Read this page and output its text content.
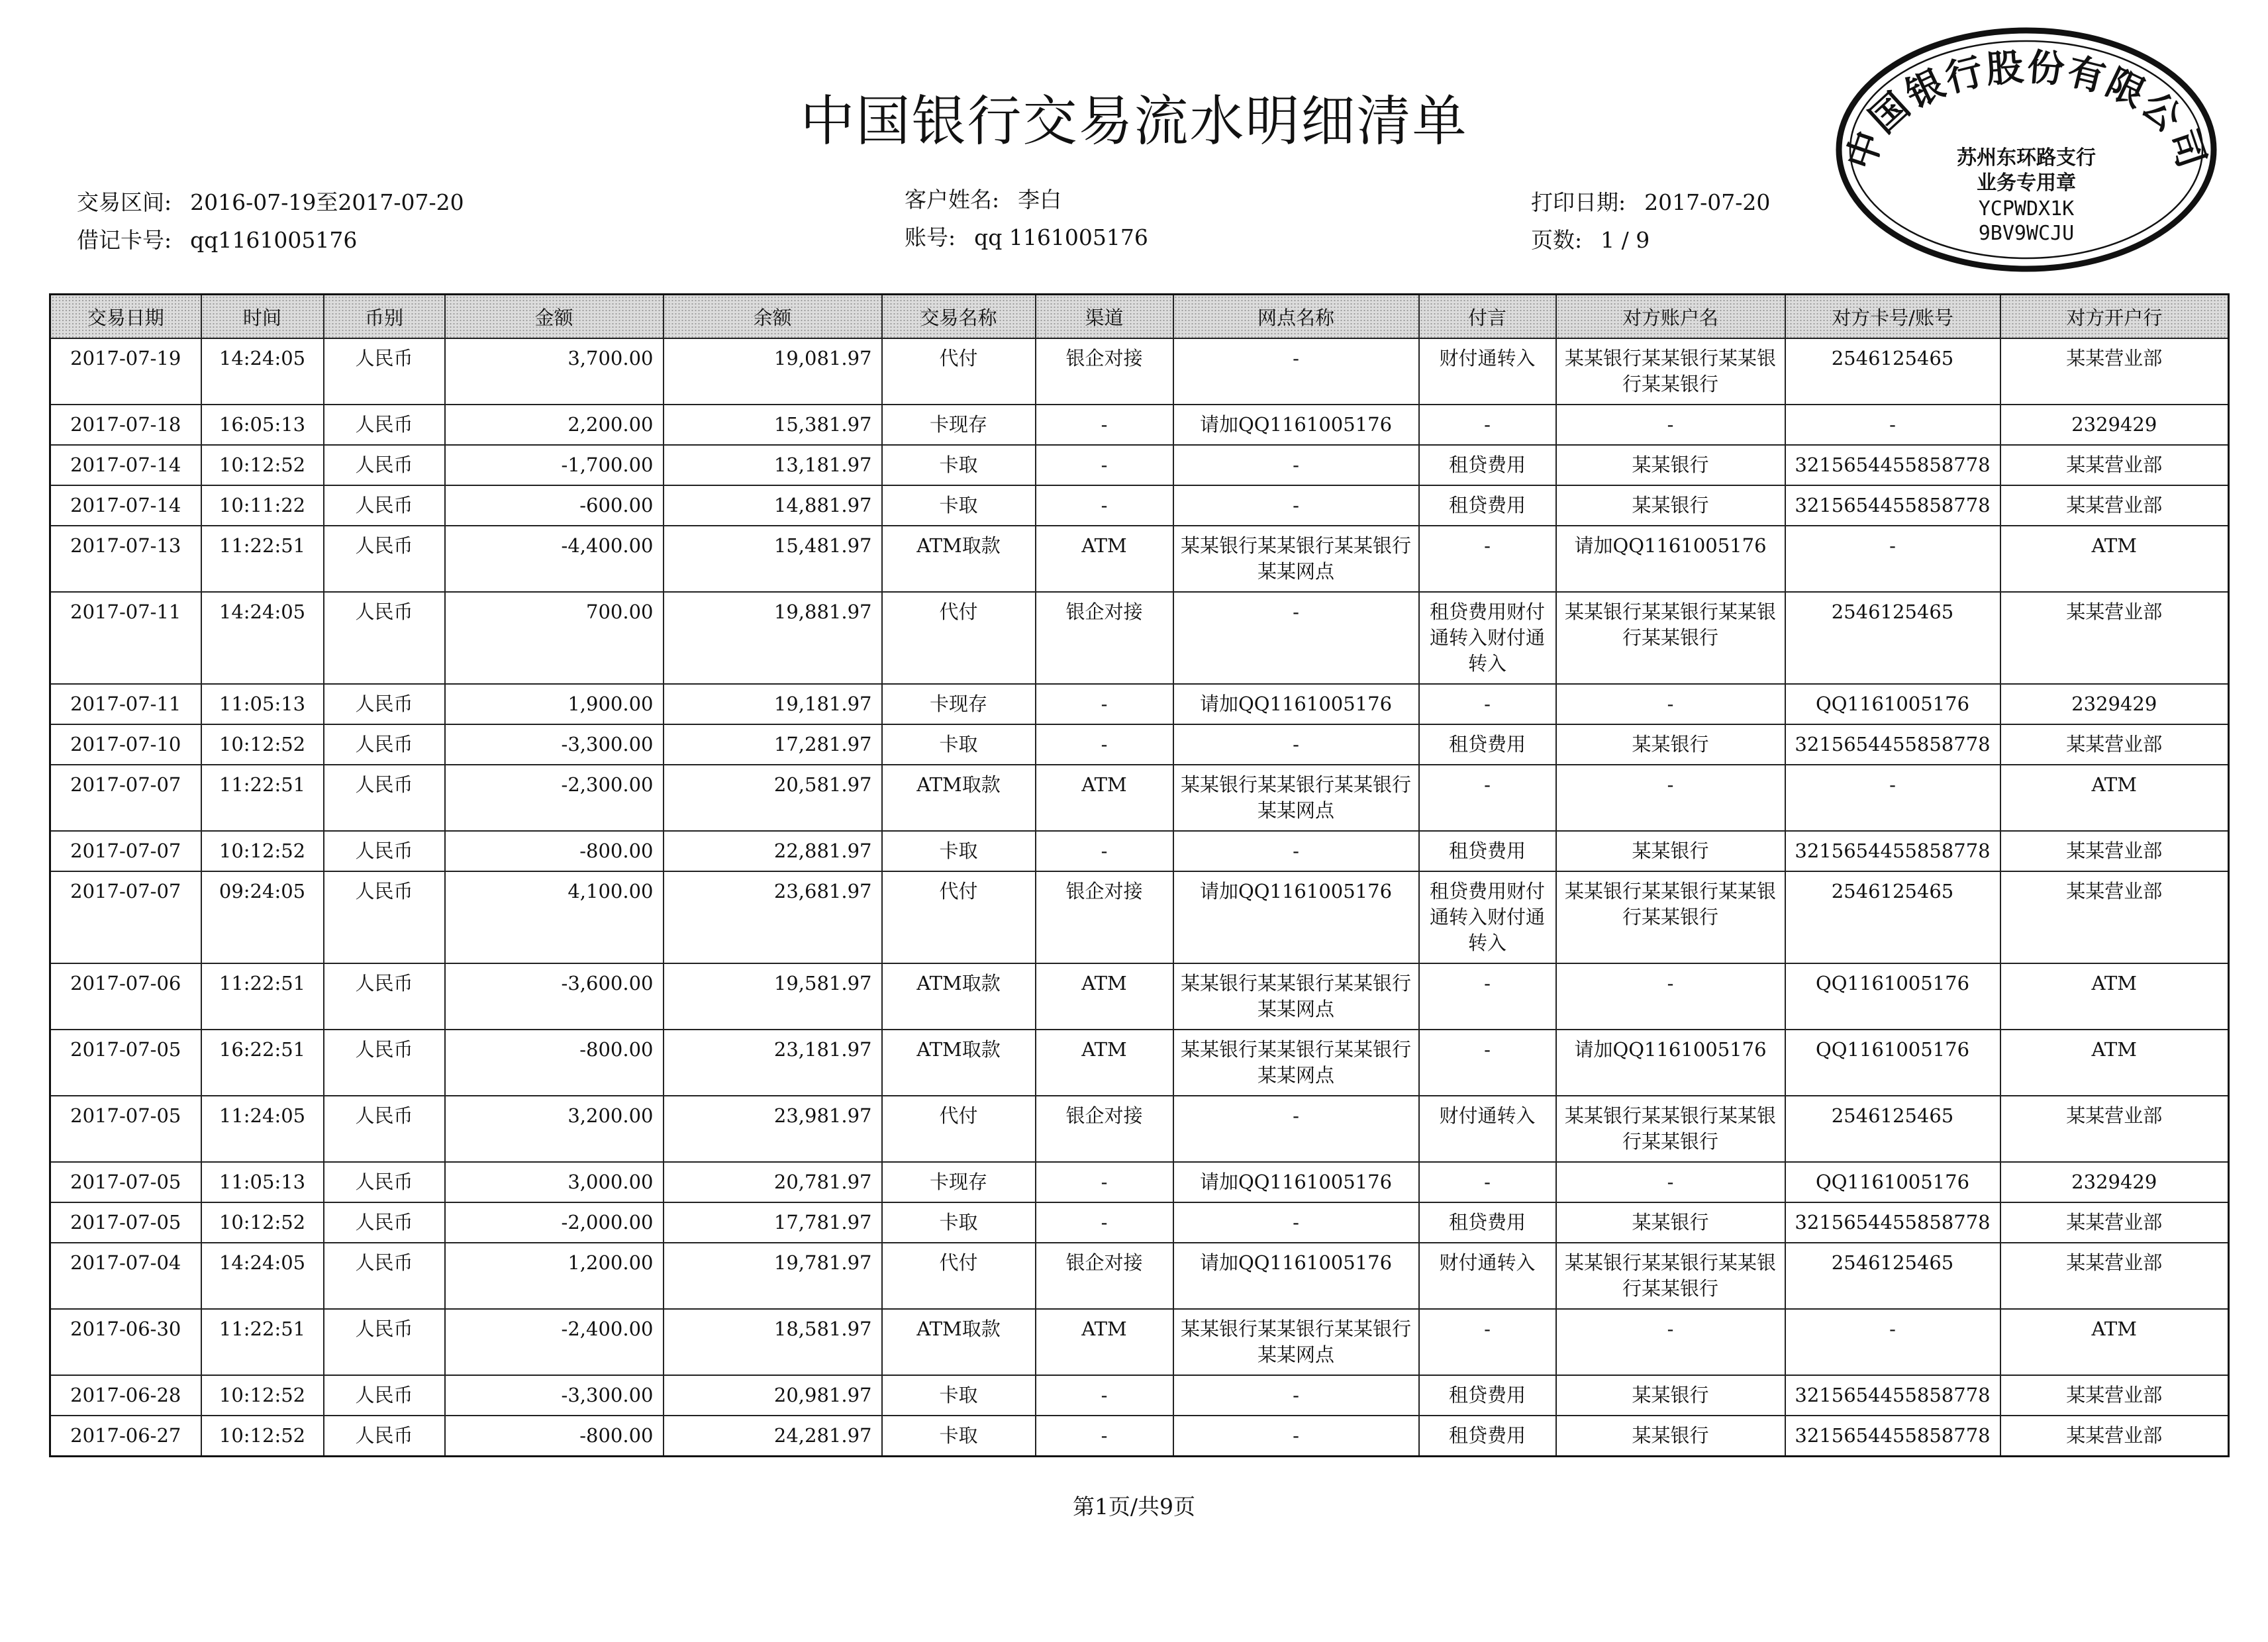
中国银行交易流水明细清单
交易区间: 2016-07-19至2017-07-20
借记卡号: qq1161005176
客户姓名: 李白
账号: qq 1161005176
打印日期: 2017-07-20
页数: 1 / 9
中国银行股份有限公司
苏州东环路支行
业务专用章
YCPWDX1K
9BV9WCJU
交易日期	时间	币别	金额	余额	交易名称	渠道	网点名称	付言	对方账户名	对方卡号/账号	对方开户行
2017-07-19	14:24:05	人民币	3,700.00	19,081.97	代付	银企对接	-	财付通转入	某某银行某某银行某某银行某某银行	2546125465	某某营业部
2017-07-18	16:05:13	人民币	2,200.00	15,381.97	卡现存	-	请加QQ1161005176	-	-	-	2329429
2017-07-14	10:12:52	人民币	-1,700.00	13,181.97	卡取	-	-	租贷费用	某某银行	3215654455858778	某某营业部
2017-07-14	10:11:22	人民币	-600.00	14,881.97	卡取	-	-	租贷费用	某某银行	3215654455858778	某某营业部
2017-07-13	11:22:51	人民币	-4,400.00	15,481.97	ATM取款	ATM	某某银行某某银行某某银行某某网点	-	请加QQ1161005176	-	ATM
2017-07-11	14:24:05	人民币	700.00	19,881.97	代付	银企对接	-	租贷费用财付通转入财付通转入	某某银行某某银行某某银行某某银行	2546125465	某某营业部
2017-07-11	11:05:13	人民币	1,900.00	19,181.97	卡现存	-	请加QQ1161005176	-	-	QQ1161005176	2329429
2017-07-10	10:12:52	人民币	-3,300.00	17,281.97	卡取	-	-	租贷费用	某某银行	3215654455858778	某某营业部
2017-07-07	11:22:51	人民币	-2,300.00	20,581.97	ATM取款	ATM	某某银行某某银行某某银行某某网点	-	-	-	ATM
2017-07-07	10:12:52	人民币	-800.00	22,881.97	卡取	-	-	租贷费用	某某银行	3215654455858778	某某营业部
2017-07-07	09:24:05	人民币	4,100.00	23,681.97	代付	银企对接	请加QQ1161005176	租贷费用财付通转入财付通转入	某某银行某某银行某某银行某某银行	2546125465	某某营业部
2017-07-06	11:22:51	人民币	-3,600.00	19,581.97	ATM取款	ATM	某某银行某某银行某某银行某某网点	-	-	QQ1161005176	ATM
2017-07-05	16:22:51	人民币	-800.00	23,181.97	ATM取款	ATM	某某银行某某银行某某银行某某网点	-	请加QQ1161005176	QQ1161005176	ATM
2017-07-05	11:24:05	人民币	3,200.00	23,981.97	代付	银企对接	-	财付通转入	某某银行某某银行某某银行某某银行	2546125465	某某营业部
2017-07-05	11:05:13	人民币	3,000.00	20,781.97	卡现存	-	请加QQ1161005176	-	-	QQ1161005176	2329429
2017-07-05	10:12:52	人民币	-2,000.00	17,781.97	卡取	-	-	租贷费用	某某银行	3215654455858778	某某营业部
2017-07-04	14:24:05	人民币	1,200.00	19,781.97	代付	银企对接	请加QQ1161005176	财付通转入	某某银行某某银行某某银行某某银行	2546125465	某某营业部
2017-06-30	11:22:51	人民币	-2,400.00	18,581.97	ATM取款	ATM	某某银行某某银行某某银行某某网点	-	-	-	ATM
2017-06-28	10:12:52	人民币	-3,300.00	20,981.97	卡取	-	-	租贷费用	某某银行	3215654455858778	某某营业部
2017-06-27	10:12:52	人民币	-800.00	24,281.97	卡取	-	-	租贷费用	某某银行	3215654455858778	某某营业部
第1页/共9页
